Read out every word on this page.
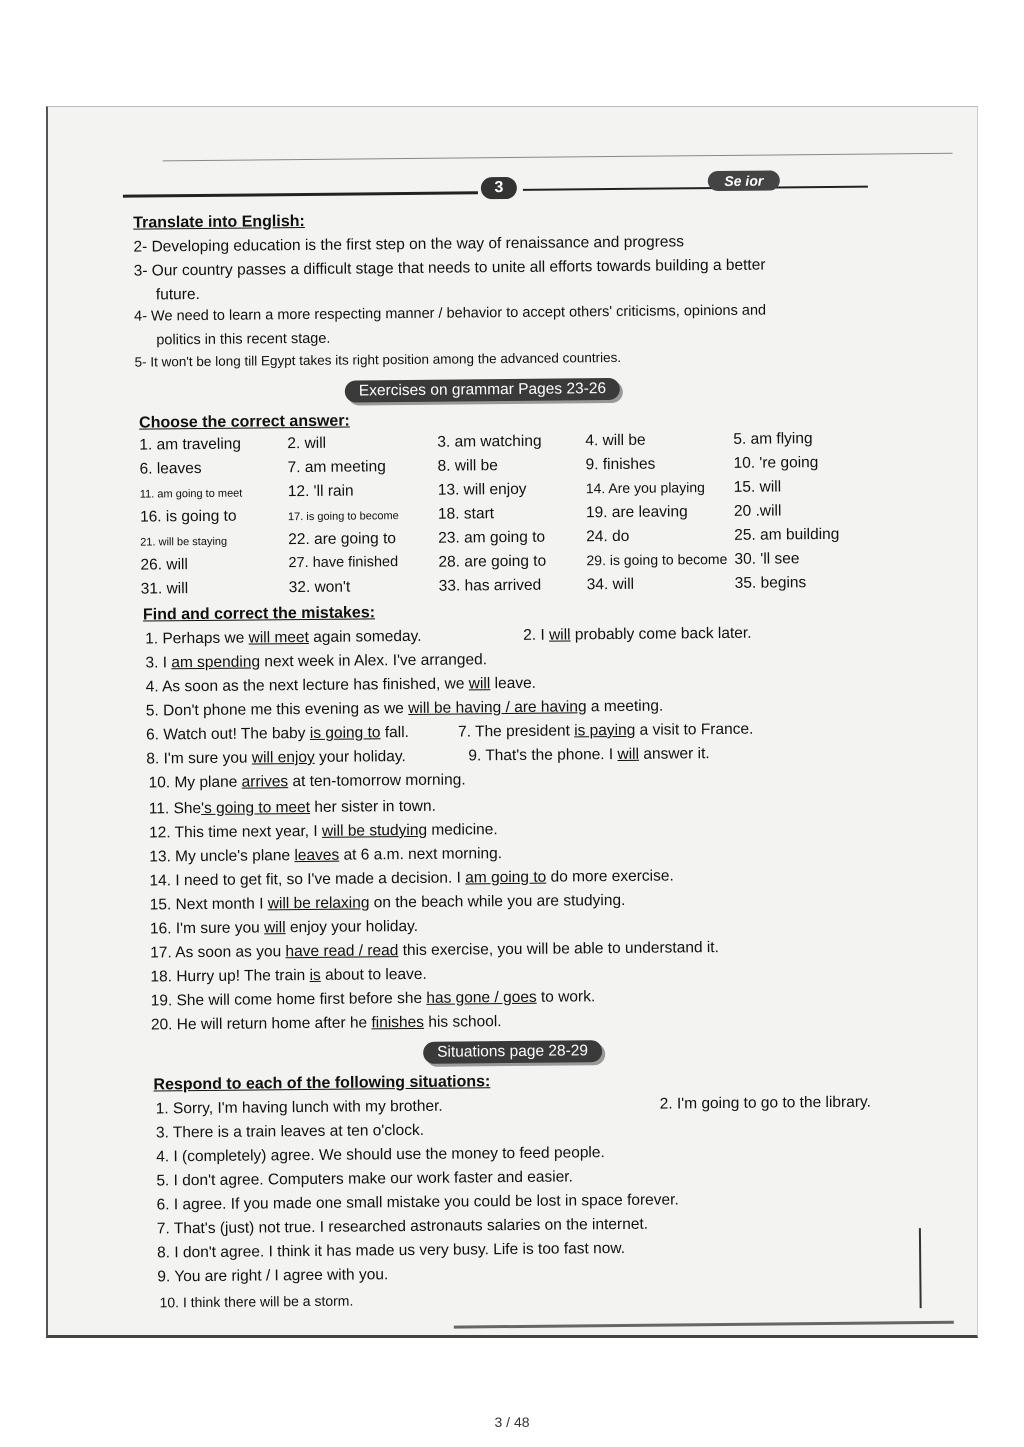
3	Se ior
Translate into English:
2- Developing education is the first step on the way of renaissance and progress
3- Our country passes a difficult stage that needs to unite all efforts towards building a better
future.
4- We need to learn a more respecting manner / behavior to accept others' criticisms, opinions and
politics in this recent stage.
5- It won't be long till Egypt takes its right position among the advanced countries.
Exercises on grammar Pages 23-26
Choose the correct answer:
1. am traveling	2. will	3. am watching	4. will be	5. am flying
6. leaves	7. am meeting	8. will be	9. finishes	10. 're going
11. am going to meet	12. 'll rain	13. will enjoy	14. Are you playing 15. will
16. is going to	17. is going to become	18. start	19. are leaving	20 .will
21. will be staying	22. are going to	23. am going to	24. do	25. am building
26. will	27. have finished	28. are going to	29. is going to become 30. 'll see
31. will	32. won't	33. has arrived	34. will	35. begins
Find and correct the mistakes:
1. Perhaps we will meet again someday.	2. I will probably come back later.
3. I am spending next week in Alex. I've arranged.
4. As soon as the next lecture has finished, we will leave.
5. Don't phone me this evening as we will be having / are having a meeting.
6. Watch out! The baby is going to fall.	7. The president is paying a visit to France.
8. I'm sure you will enjoy your holiday.	9. That's the phone. I will answer it.
10. My plane arrives at ten-tomorrow morning.
11. She's going to meet her sister in town.
12. This time next year, I will be studying medicine.
13. My uncle's plane leaves at 6 a.m. next morning.
14. I need to get fit, so I've made a decision. I am going to do more exercise.
15. Next month I will be relaxing on the beach while you are studying.
16. I'm sure you will enjoy your holiday.
17. As soon as you have read / read this exercise, you will be able to understand it.
18. Hurry up! The train is about to leave.
19. She will come home first before she has gone / goes to work.
20. He will return home after he finishes his school.
Situations page 28-29
Respond to each of the following situations:
1. Sorry, I'm having lunch with my brother.	2. I'm going to go to the library.
3. There is a train leaves at ten o'clock.
4. I (completely) agree. We should use the money to feed people.
5. I don't agree. Computers make our work faster and easier.
6. I agree. If you made one small mistake you could be lost in space forever.
7. That's (just) not true. I researched astronauts salaries on the internet.
8. I don't agree. I think it has made us very busy. Life is too fast now.
9. You are right / I agree with you.
10. I think there will be a storm.
3 / 48
